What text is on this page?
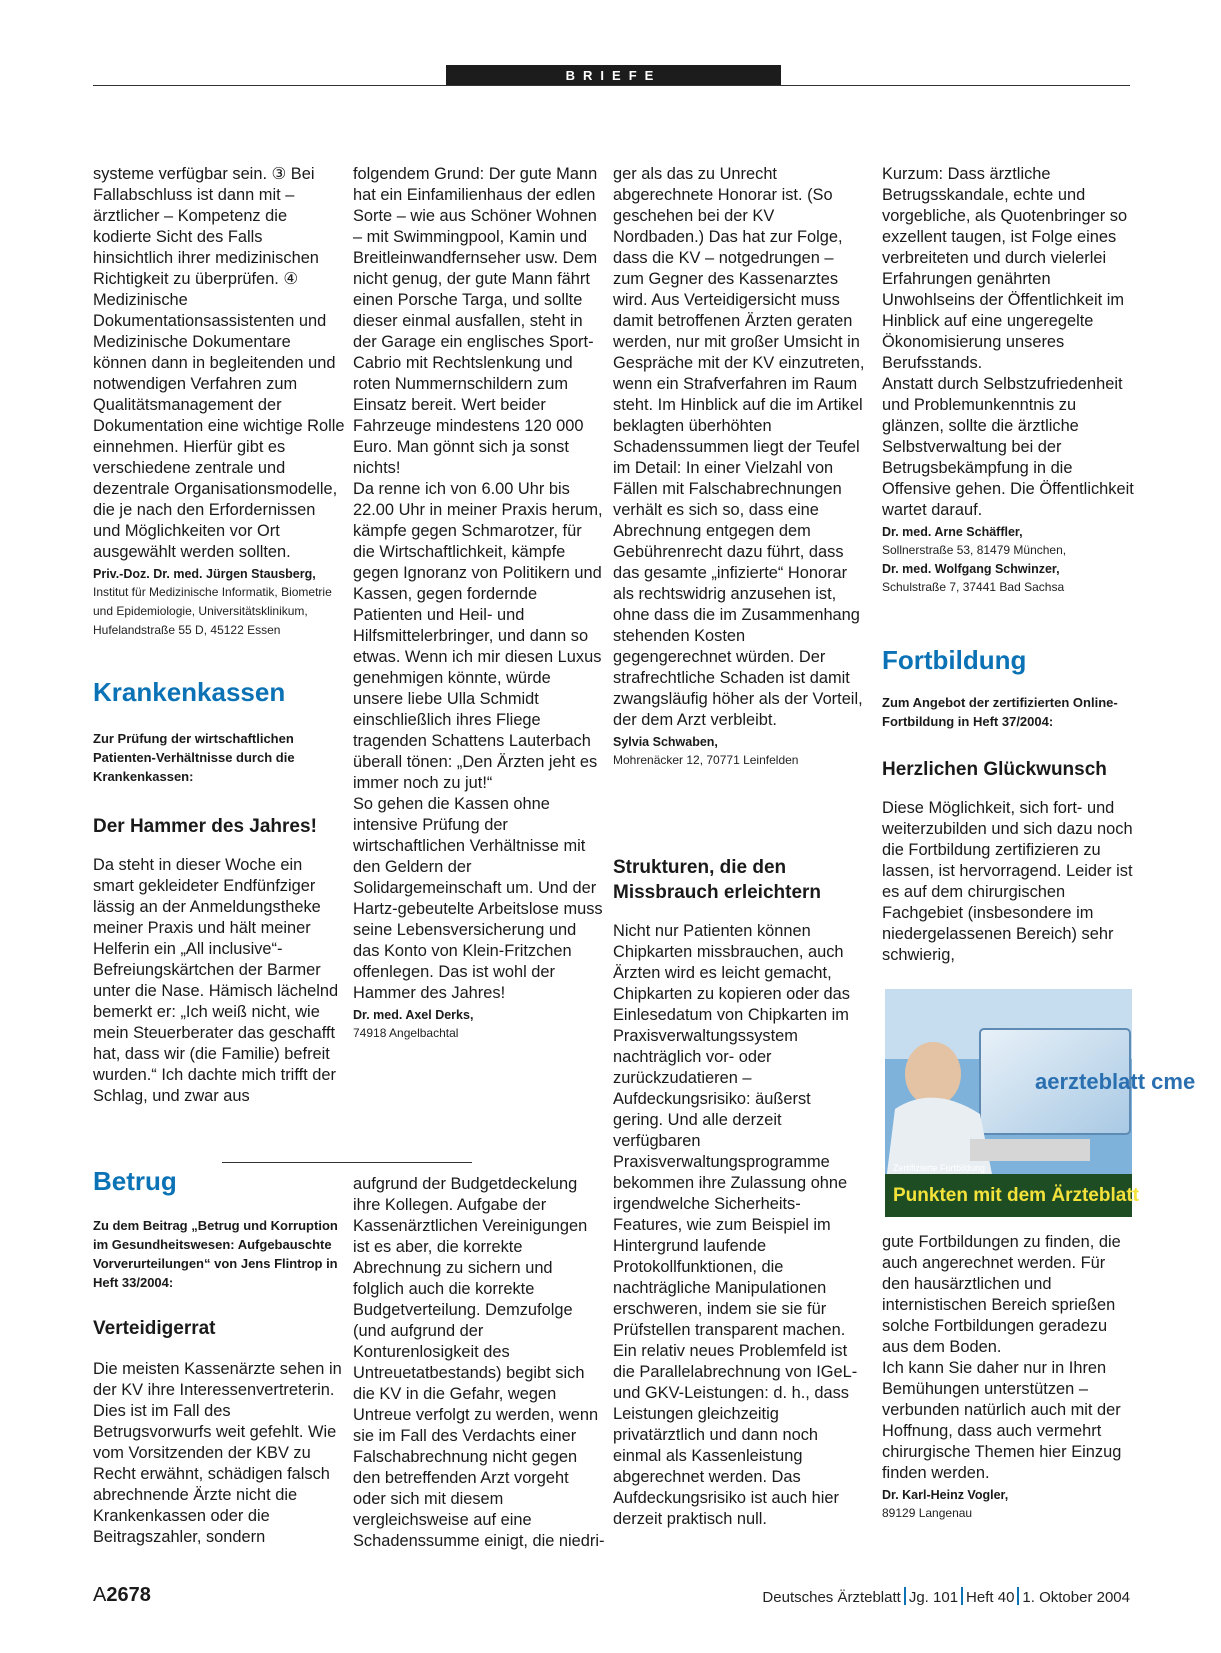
BRIEFE

systeme verfügbar sein. ③ Bei Fallabschluss ist dann mit – ärztlicher – Kompetenz die kodierte Sicht des Falls hinsichtlich ihrer medizinischen Richtigkeit zu überprüfen. ④ Medizinische Dokumentationsassistenten und Medizinische Dokumentare können dann in begleitenden und notwendigen Verfahren zum Qualitätsmanagement der Dokumentation eine wichtige Rolle einnehmen. Hierfür gibt es verschiedene zentrale und dezentrale Organisationsmodelle, die je nach den Erfordernissen und Möglichkeiten vor Ort ausgewählt werden sollten.

Priv.-Doz. Dr. med. Jürgen Stausberg,
Institut für Medizinische Informatik, Biometrie und Epidemiologie, Universitätsklinikum, Hufelandstraße 55 D, 45122 Essen
Krankenkassen
Zur Prüfung der wirtschaftlichen Patienten-Verhältnisse durch die Krankenkassen:
Der Hammer des Jahres!

Da steht in dieser Woche ein smart gekleideter Endfünfziger lässig an der Anmeldungstheke meiner Praxis und hält meiner Helferin ein „All inclusive“-Befreiungskärtchen der Barmer unter die Nase. Hämisch lächelnd bemerkt er: „Ich weiß nicht, wie mein Steuerberater das geschafft hat, dass wir (die Familie) befreit wurden.“ Ich dachte mich trifft der Schlag, und zwar aus

Betrug
Zu dem Beitrag „Betrug und Korruption im Gesundheitswesen: Aufgebauschte Vorverurteilungen“ von Jens Flintrop in Heft 33/2004:
Verteidigerrat

Die meisten Kassenärzte sehen in der KV ihre Interessenvertreterin. Dies ist im Fall des Betrugsvorwurfs weit gefehlt. Wie vom Vorsitzenden der KBV zu Recht erwähnt, schädigen falsch abrechnende Ärzte nicht die Krankenkassen oder die Beitragszahler, sondern

folgendem Grund: Der gute Mann hat ein Einfamilienhaus der edlen Sorte – wie aus Schöner Wohnen – mit Swimmingpool, Kamin und Breitleinwandfernseher usw. Dem nicht genug, der gute Mann fährt einen Porsche Targa, und sollte dieser einmal ausfallen, steht in der Garage ein englisches Sport-Cabrio mit Rechtslenkung und roten Nummernschildern zum Einsatz bereit. Wert beider Fahrzeuge mindestens 120 000 Euro. Man gönnt sich ja sonst nichts!

Da renne ich von 6.00 Uhr bis 22.00 Uhr in meiner Praxis herum, kämpfe gegen Schmarotzer, für die Wirtschaftlichkeit, kämpfe gegen Ignoranz von Politikern und Kassen, gegen fordernde Patienten und Heil- und Hilfsmittelerbringer, und dann so etwas. Wenn ich mir diesen Luxus genehmigen könnte, würde unsere liebe Ulla Schmidt einschließlich ihres Fliege tragenden Schattens Lauterbach überall tönen: „Den Ärzten jeht es immer noch zu jut!“

So gehen die Kassen ohne intensive Prüfung der wirtschaftlichen Verhältnisse mit den Geldern der Solidargemeinschaft um. Und der Hartz-gebeutelte Arbeitslose muss seine Lebensversicherung und das Konto von Klein-Fritzchen offenlegen. Das ist wohl der Hammer des Jahres!

Dr. med. Axel Derks,
74918 Angelbachtal

aufgrund der Budgetdeckelung ihre Kollegen. Aufgabe der Kassenärztlichen Vereinigungen ist es aber, die korrekte Abrechnung zu sichern und folglich auch die korrekte Budgetverteilung. Demzufolge (und aufgrund der Konturenlosigkeit des Untreuetatbestands) begibt sich die KV in die Gefahr, wegen Untreue verfolgt zu werden, wenn sie im Fall des Verdachts einer Falschabrechnung nicht gegen den betreffenden Arzt vorgeht oder sich mit diesem vergleichsweise auf eine Schadenssumme einigt, die niedri-

ger als das zu Unrecht abgerechnete Honorar ist. (So geschehen bei der KV Nordbaden.) Das hat zur Folge, dass die KV – notgedrungen – zum Gegner des Kassenarztes wird. Aus Verteidigersicht muss damit betroffenen Ärzten geraten werden, nur mit großer Umsicht in Gespräche mit der KV einzutreten, wenn ein Strafverfahren im Raum steht. Im Hinblick auf die im Artikel beklagten überhöhten Schadenssummen liegt der Teufel im Detail: In einer Vielzahl von Fällen mit Falschabrechnungen verhält es sich so, dass eine Abrechnung entgegen dem Gebührenrecht dazu führt, dass das gesamte „infizierte“ Honorar als rechtswidrig anzusehen ist, ohne dass die im Zusammenhang stehenden Kosten gegengerechnet würden. Der strafrechtliche Schaden ist damit zwangsläufig höher als der Vorteil, der dem Arzt verbleibt.

Sylvia Schwaben,
Mohrenäcker 12, 70771 Leinfelden
Strukturen, die den Missbrauch erleichtern

Nicht nur Patienten können Chipkarten missbrauchen, auch Ärzten wird es leicht gemacht, Chipkarten zu kopieren oder das Einlesedatum von Chipkarten im Praxisverwaltungssystem nachträglich vor- oder zurückzudatieren – Aufdeckungsrisiko: äußerst gering. Und alle derzeit verfügbaren Praxisverwaltungsprogramme bekommen ihre Zulassung ohne irgendwelche Sicherheits-Features, wie zum Beispiel im Hintergrund laufende Protokollfunktionen, die nachträgliche Manipulationen erschweren, indem sie sie für Prüfstellen transparent machen.

Ein relativ neues Problemfeld ist die Parallelabrechnung von IGeL- und GKV-Leistungen: d. h., dass Leistungen gleichzeitig privatärztlich und dann noch einmal als Kassenleistung abgerechnet werden. Das Aufdeckungsrisiko ist auch hier derzeit praktisch null.

Kurzum: Dass ärztliche Betrugsskandale, echte und vorgebliche, als Quotenbringer so exzellent taugen, ist Folge eines verbreiteten und durch vielerlei Erfahrungen genährten Unwohlseins der Öffentlichkeit im Hinblick auf eine ungeregelte Ökonomisierung unseres Berufsstands.

Anstatt durch Selbstzufriedenheit und Problemunkenntnis zu glänzen, sollte die ärztliche Selbstverwaltung bei der Betrugsbekämpfung in die Offensive gehen. Die Öffentlichkeit wartet darauf.

Dr. med. Arne Schäffler,
Sollnerstraße 53, 81479 München,
Dr. med. Wolfgang Schwinzer,
Schulstraße 7, 37441 Bad Sachsa
Fortbildung
Zum Angebot der zertifizierten Online-Fortbildung in Heft 37/2004:
Herzlichen Glückwunsch

Diese Möglichkeit, sich fort- und weiterzubilden und sich dazu noch die Fortbildung zertifizieren zu lassen, ist hervorragend. Leider ist es auf dem chirurgischen Fachgebiet (insbesondere im niedergelassenen Bereich) sehr schwierig,

aerzteblatt cme
Zertifizierte Fortbildung
Punkten mit dem Ärzteblatt

gute Fortbildungen zu finden, die auch angerechnet werden. Für den hausärztlichen und internistischen Bereich sprießen solche Fortbildungen geradezu aus dem Boden.

Ich kann Sie daher nur in Ihren Bemühungen unterstützen – verbunden natürlich auch mit der Hoffnung, dass auch vermehrt chirurgische Themen hier Einzug finden werden.

Dr. Karl-Heinz Vogler,
89129 Langenau
A2678	Deutsches Ärzteblatt Jg. 101 Heft 40 1. Oktober 2004
